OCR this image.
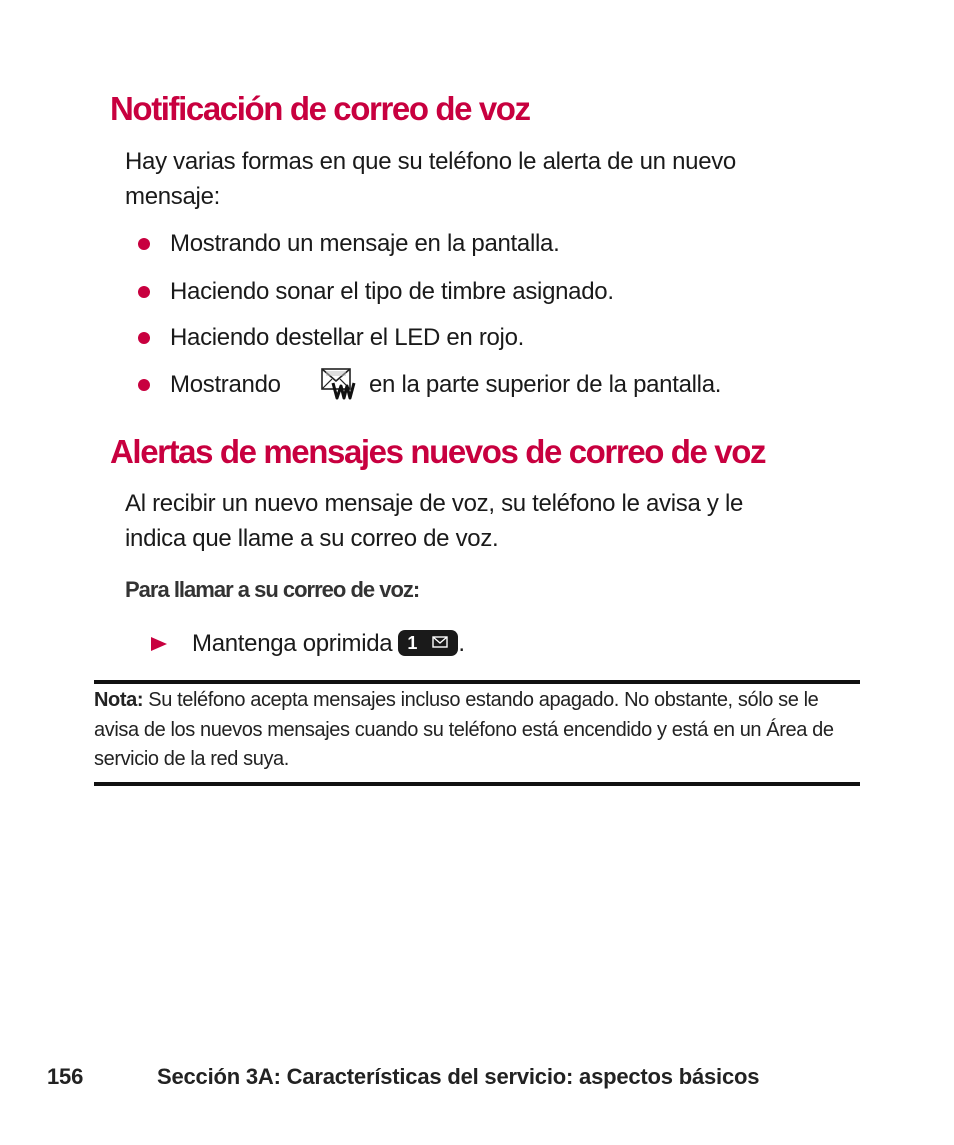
Notificación de correo de voz

Hay varias formas en que su teléfono le alerta de un nuevo

mensaje:

Mostrando un mensaje en la pantalla.
Haciendo sonar el tipo de timbre asignado.
Haciendo destellar el LED en rojo.
Mostrando	en la parte superior de la pantalla.
Alertas de mensajes nuevos de correo de voz

Al recibir un nuevo mensaje de voz, su teléfono le avisa y le

indica que llame a su correo de voz.

Para llamar a su correo de voz:

Mantenga oprimida 1 .

Nota: Su teléfono acepta mensajes incluso estando apagado. No obstante, sólo se le avisa de los nuevos mensajes cuando su teléfono está encendido y está en un Área de servicio de la red suya.

156	Sección 3A: Características del servicio: aspectos básicos
